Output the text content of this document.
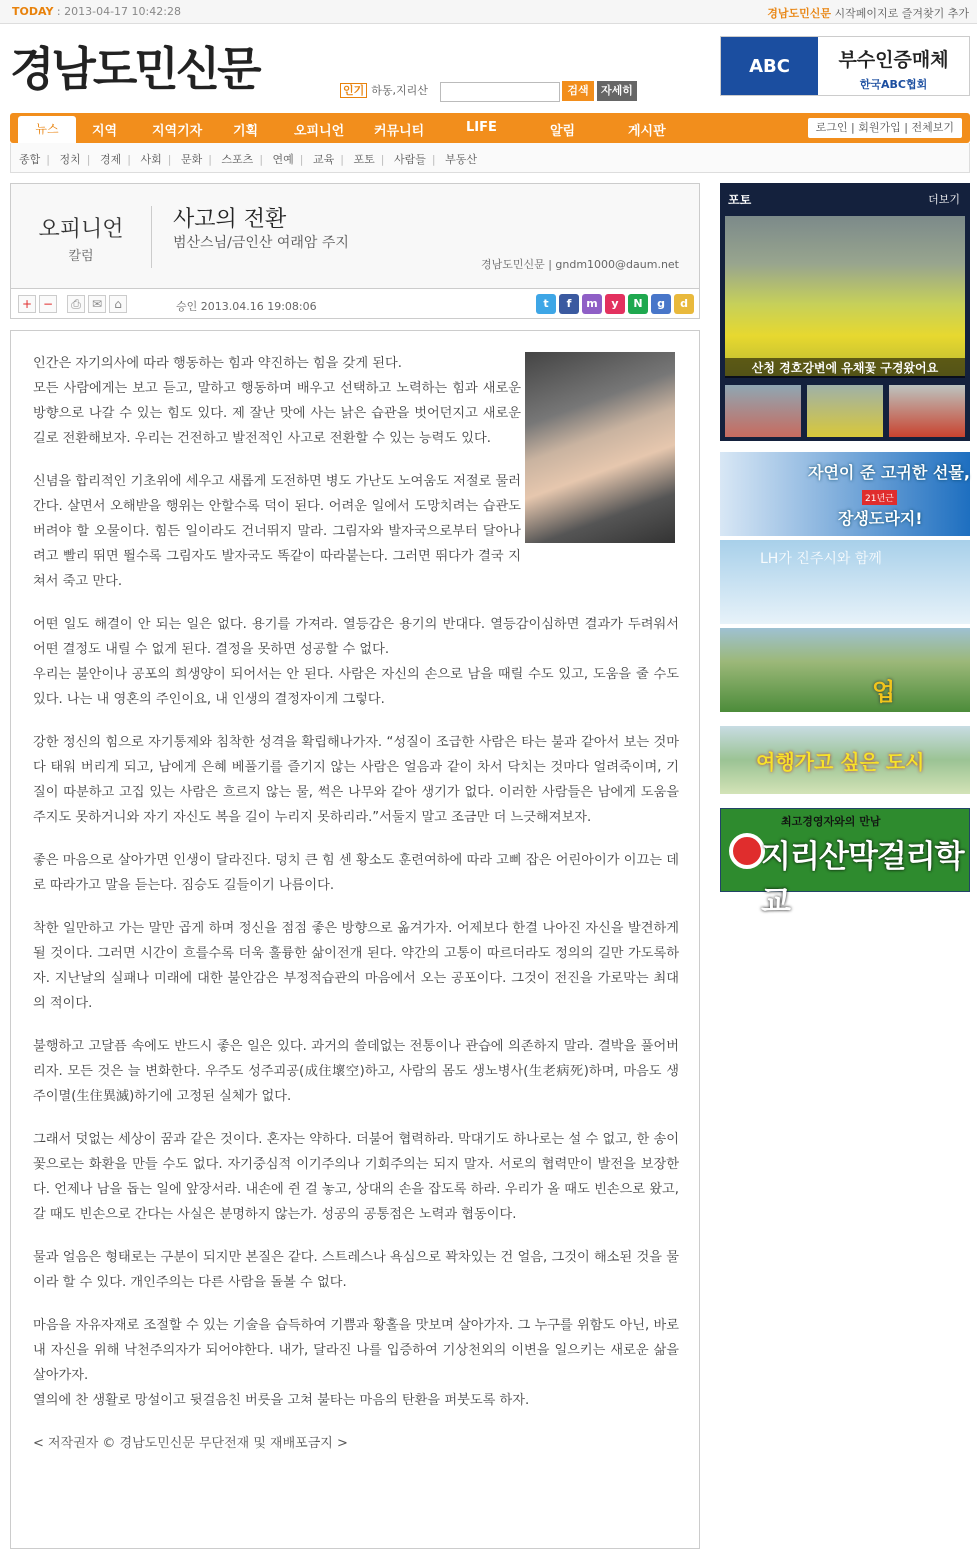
TODAY : 2013-04-17 10:42:28	경남도민신문 시작페이지로 즐겨찾기 추가
경남도민신문	인기 하동,지리산	검색	자세히
ABC	부수인증매체
한국ABC협회
뉴스	지역	지역기자 기획	오피니언 커뮤니티	LIFE	알림	게시판	로그인 | 회원가입 | 전체보기
종합 | 정치 | 경제 | 사회 | 문화 | 스포츠 | 연예 | 교육 | 포토 | 사람들 | 부동산
오피니언
칼럼
사고의 전환
범산스님/금인산 여래암 주지
경남도민신문 | gndm1000@daum.net
+ −	⎙ ✉	⌂	승인 2013.04.16 19:08:06	t	f	m	y	N	g	d

인간은 자기의사에 따라 행동하는 힘과 약진하는 힘을 갖게 된다.
모든 사람에게는 보고 듣고, 말하고 행동하며 배우고 선택하고 노력하는 힘과 새로운 방향으로 나갈 수 있는 힘도 있다. 제 잘난 맛에 사는 낡은 습관을 벗어던지고 새로운 길로 전환해보자. 우리는 건전하고 발전적인 사고로 전환할 수 있는 능력도 있다.

신념을 합리적인 기초위에 세우고 새롭게 도전하면 병도 가난도 노여움도 저절로 물러간다. 살면서 오해받을 행위는 안할수록 덕이 된다. 어려운 일에서 도망치려는 습관도 버려야 할 오물이다. 힘든 일이라도 건너뛰지 말라. 그림자와 발자국으로부터 달아나려고 빨리 뛰면 뛸수록 그림자도 발자국도 똑같이 따라붙는다. 그러면 뛰다가 결국 지쳐서 죽고 만다.

어떤 일도 해결이 안 되는 일은 없다. 용기를 가져라. 열등감은 용기의 반대다. 열등감이심하면 결과가 두려워서 어떤 결정도 내릴 수 없게 된다. 결정을 못하면 성공할 수 없다.
우리는 불안이나 공포의 희생양이 되어서는 안 된다. 사람은 자신의 손으로 남을 때릴 수도 있고, 도움을 줄 수도 있다. 나는 내 영혼의 주인이요, 내 인생의 결정자이게 그렇다.

강한 정신의 힘으로 자기통제와 침착한 성격을 확립해나가자. “성질이 조급한 사람은 타는 불과 같아서 보는 것마다 태워 버리게 되고, 남에게 은혜 베풀기를 즐기지 않는 사람은 얼음과 같이 차서 닥치는 것마다 얼려죽이며, 기질이 따분하고 고집 있는 사람은 흐르지 않는 물, 썩은 나무와 같아 생기가 없다. 이러한 사람들은 남에게 도움을 주지도 못하거니와 자기 자신도 복을 길이 누리지 못하리라.”서둘지 말고 조금만 더 느긋해져보자.

좋은 마음으로 살아가면 인생이 달라진다. 덩치 큰 힘 센 황소도 훈련여하에 따라 고삐 잡은 어린아이가 이끄는 데로 따라가고 말을 듣는다. 짐승도 길들이기 나름이다.

착한 일만하고 가는 말만 곱게 하며 정신을 점점 좋은 방향으로 옮겨가자. 어제보다 한결 나아진 자신을 발견하게 될 것이다. 그러면 시간이 흐를수록 더욱 훌륭한 삶이전개 된다. 약간의 고통이 따르더라도 정의의 길만 가도록하자. 지난날의 실패나 미래에 대한 불안감은 부정적습관의 마음에서 오는 공포이다. 그것이 전진을 가로막는 최대의 적이다.

불행하고 고달픔 속에도 반드시 좋은 일은 있다. 과거의 쓸데없는 전통이나 관습에 의존하지 말라. 결박을 풀어버리자. 모든 것은 늘 변화한다. 우주도 성주괴공(成住壞空)하고, 사람의 몸도 생노병사(生老病死)하며, 마음도 생주이멸(生住異滅)하기에 고정된 실체가 없다.

그래서 덧없는 세상이 꿈과 같은 것이다. 혼자는 약하다. 더불어 협력하라. 막대기도 하나로는 설 수 없고, 한 송이 꽃으로는 화환을 만들 수도 없다. 자기중심적 이기주의나 기회주의는 되지 말자. 서로의 협력만이 발전을 보장한다. 언제나 남을 돕는 일에 앞장서라. 내손에 쥔 걸 놓고, 상대의 손을 잡도록 하라. 우리가 올 때도 빈손으로 왔고, 갈 때도 빈손으로 간다는 사실은 분명하지 않는가. 성공의 공통점은 노력과 협동이다.

물과 얼음은 형태로는 구분이 되지만 본질은 같다. 스트레스나 욕심으로 꽉차있는 건 얼음, 그것이 해소된 것을 물이라 할 수 있다. 개인주의는 다른 사람을 돌볼 수 없다.

마음을 자유자재로 조절할 수 있는 기술을 습득하여 기쁨과 황홀을 맛보며 살아가자. 그 누구를 위함도 아닌, 바로 내 자신을 위해 낙천주의자가 되어야한다. 내가, 달라진 나를 입증하여 기상천외의 이변을 일으키는 새로운 삶을 살아가자.
열의에 찬 생활로 망설이고 뒷걸음친 버릇을 고쳐 불타는 마음의 탄환을 퍼붓도록 하자.

< 저작권자 © 경남도민신문 무단전재 및 재배포금지 >

포토	더보기
산청 경호강변에 유채꽃 구경왔어요
자연이 준 고귀한 선물,
21년근
장생도라지!
LH가 진주시와 함께
업
여행가고 싶은 도시
최고경영자와의 만남
지리산막걸리학교
